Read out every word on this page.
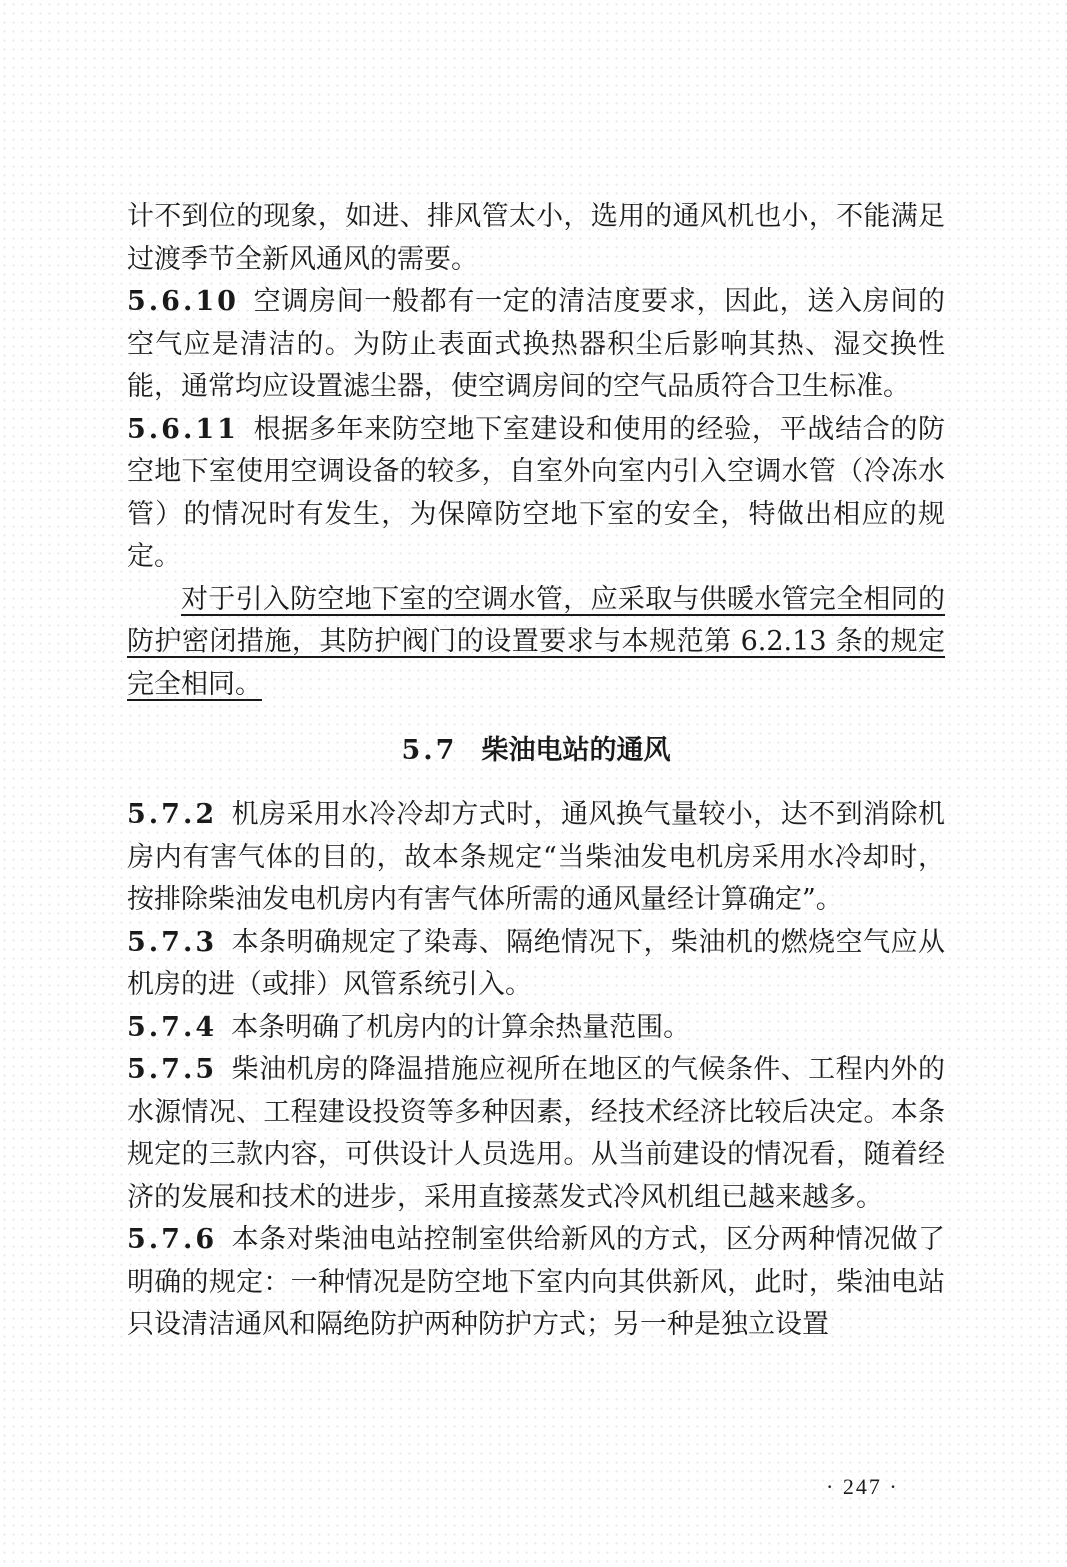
计不到位的现象，如进、排风管太小，选用的通风机也小，不能满足过渡季节全新风通风的需要。

5.6.10 空调房间一般都有一定的清洁度要求，因此，送入房间的空气应是清洁的。为防止表面式换热器积尘后影响其热、湿交换性能，通常均应设置滤尘器，使空调房间的空气品质符合卫生标准。

5.6.11 根据多年来防空地下室建设和使用的经验，平战结合的防空地下室使用空调设备的较多，自室外向室内引入空调水管（冷冻水管）的情况时有发生，为保障防空地下室的安全，特做出相应的规定。

对于引入防空地下室的空调水管，应采取与供暖水管完全相同的防护密闭措施，其防护阀门的设置要求与本规范第 6.2.13 条的规定完全相同。

5.7 柴油电站的通风

5.7.2 机房采用水冷冷却方式时，通风换气量较小，达不到消除机房内有害气体的目的，故本条规定“当柴油发电机房采用水冷却时，按排除柴油发电机房内有害气体所需的通风量经计算确定”。

5.7.3 本条明确规定了染毒、隔绝情况下，柴油机的燃烧空气应从机房的进（或排）风管系统引入。

5.7.4 本条明确了机房内的计算余热量范围。

5.7.5 柴油机房的降温措施应视所在地区的气候条件、工程内外的水源情况、工程建设投资等多种因素，经技术经济比较后决定。本条规定的三款内容，可供设计人员选用。从当前建设的情况看，随着经济的发展和技术的进步，采用直接蒸发式冷风机组已越来越多。

5.7.6 本条对柴油电站控制室供给新风的方式，区分两种情况做了明确的规定：一种情况是防空地下室内向其供新风，此时，柴油电站只设清洁通风和隔绝防护两种防护方式；另一种是独立设置

· 247 ·
